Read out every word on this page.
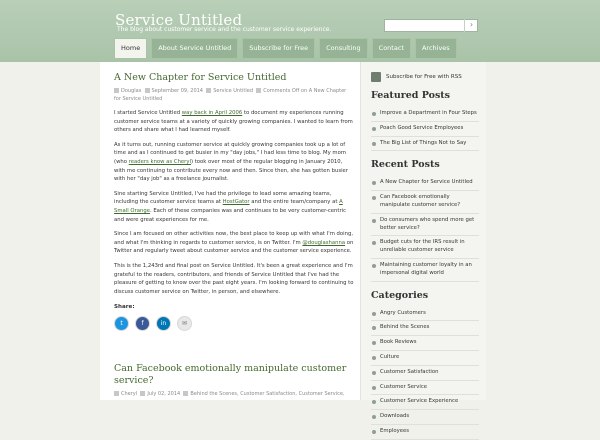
Service Untitled
The blog about customer service and the customer service experience.
›
Home	About Service Untitled	Subscribe for Free	Consulting	Contact	Archives
A New Chapter for Service Untitled
Douglas September 09, 2014 Service Untitled Comments Off on A New Chapter for Service Untitled

I started Service Untitled way back in April 2006 to document my experiences running customer service teams at a variety of quickly growing companies. I wanted to learn from others and share what I had learned myself.

As it turns out, running customer service at quickly growing companies took up a lot of time and as I continued to get busier in my "day jobs," I had less time to blog. My mom (who readers know as Cheryl) took over most of the regular blogging in January 2010, with me continuing to contribute every now and then. Since then, she has gotten busier with her "day job" as a freelance journalist.

Sine starting Service Untitled, I've had the privilege to lead some amazing teams, including the customer service teams at HostGator and the entire team/company at A Small Orange. Each of these companies was and continues to be very customer-centric and were great experiences for me.

Since I am focused on other activities now, the best place to keep up with what I'm doing, and what I'm thinking in regards to customer service, is on Twitter. I'm @douglashanna on Twitter and regularly tweet about customer service and the customer service experience.

This is the 1,243rd and final post on Service Untitled. It's been a great experience and I'm grateful to the readers, contributors, and friends of Service Untitled that I've had the pleasure of getting to know over the past eight years. I'm looking forward to continuing to discuss customer service on Twitter, in person, and elsewhere.

Share:
t	f	in	✉
Can Facebook emotionally manipulate customer service?
Cheryl July 02, 2014 Behind the Scenes, Customer Satisfaction, Customer Service,
Subscribe for Free with RSS
Featured Posts
Improve a Department in Four Steps
Poach Good Service Employees
The Big List of Things Not to Say
Recent Posts
A New Chapter for Service Untitled
Can Facebook emotionally manipulate customer service?
Do consumers who spend more get better service?
Budget cuts for the IRS result in unreliable customer service
Maintaining customer loyalty in an impersonal digital world
Categories
Angry Customers
Behind the Scenes
Book Reviews
Culture
Customer Satisfaction
Customer Service
Customer Service Experience
Downloads
Employees
